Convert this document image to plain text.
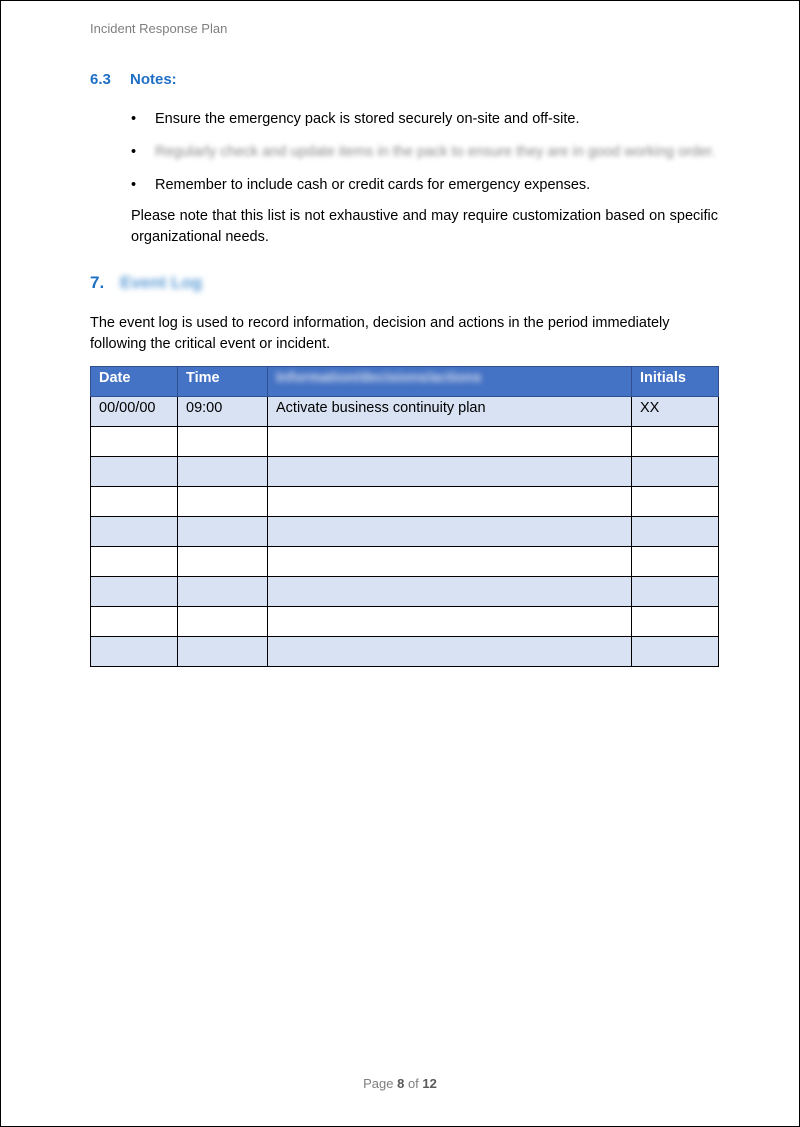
Incident Response Plan
6.3 Notes:
• Ensure the emergency pack is stored securely on-site and off-site.
• Regularly check and update items in the pack to ensure they are in good working order.
• Remember to include cash or credit cards for emergency expenses.
Please note that this list is not exhaustive and may require customization based on specific organizational needs.
7. Event Log
The event log is used to record information, decision and actions in the period immediately following the critical event or incident.
Date	Time	Information/decisions/actions	Initials
00/00/00	09:00	Activate business continuity plan	XX

Page 8 of 12
